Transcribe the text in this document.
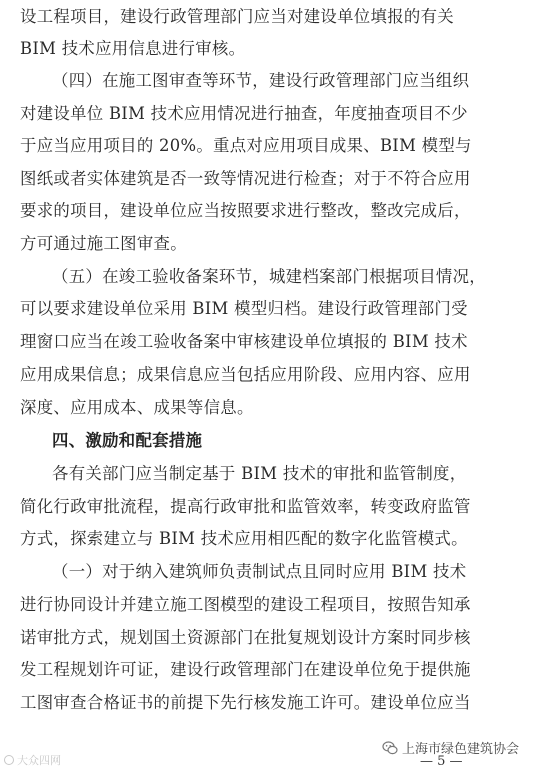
设工程项目，建设行政管理部门应当对建设单位填报的有关
BIM 技术应用信息进行审核。
（四）在施工图审查等环节，建设行政管理部门应当组织
对建设单位 BIM 技术应用情况进行抽查，年度抽查项目不少
于应当应用项目的 20%。重点对应用项目成果、BIM 模型与
图纸或者实体建筑是否一致等情况进行检查；对于不符合应用
要求的项目，建设单位应当按照要求进行整改，整改完成后，
方可通过施工图审查。
（五）在竣工验收备案环节，城建档案部门根据项目情况，
可以要求建设单位采用 BIM 模型归档。建设行政管理部门受
理窗口应当在竣工验收备案中审核建设单位填报的 BIM 技术
应用成果信息；成果信息应当包括应用阶段、应用内容、应用
深度、应用成本、成果等信息。
四、激励和配套措施
各有关部门应当制定基于 BIM 技术的审批和监管制度，
简化行政审批流程，提高行政审批和监管效率，转变政府监管
方式，探索建立与 BIM 技术应用相匹配的数字化监管模式。
（一）对于纳入建筑师负责制试点且同时应用 BIM 技术
进行协同设计并建立施工图模型的建设工程项目，按照告知承
诺审批方式，规划国土资源部门在批复规划设计方案时同步核
发工程规划许可证，建设行政管理部门在建设单位免于提供施
工图审查合格证书的前提下先行核发施工许可。建设单位应当
大众四网	— 5 —
上海市绿色建筑协会
